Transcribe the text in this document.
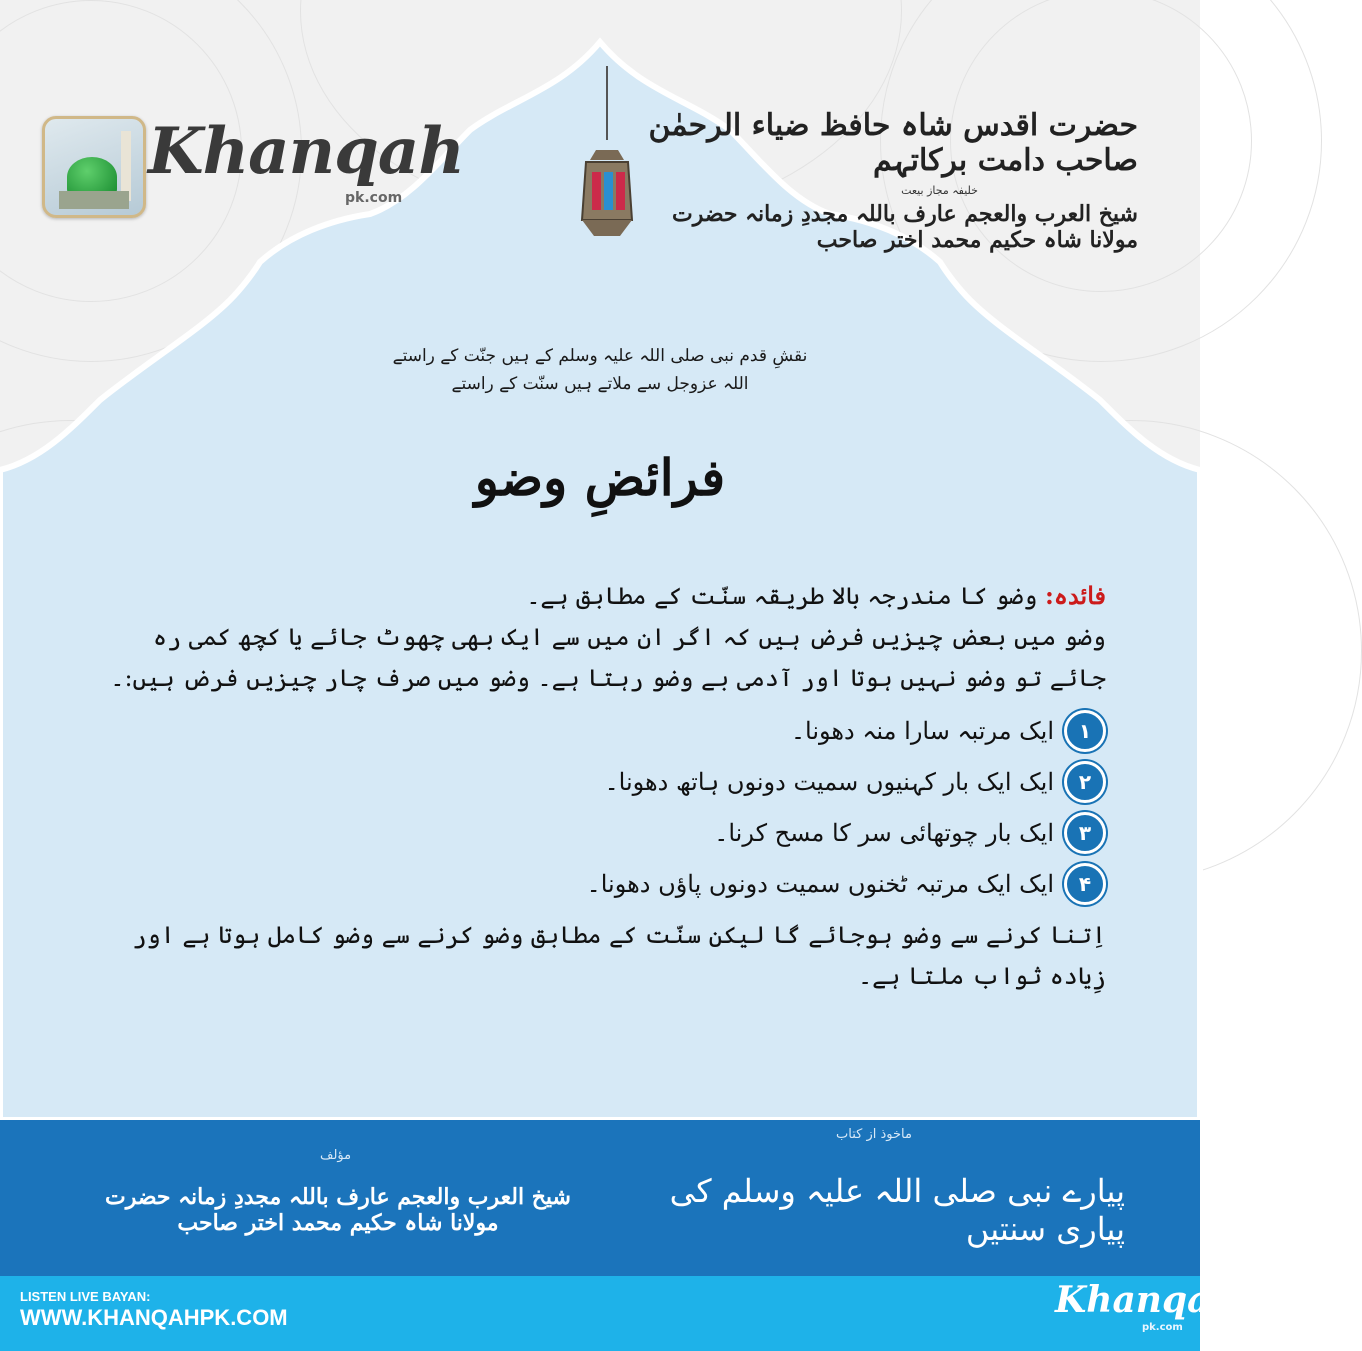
Khanqah
pk.com
حضرت اقدس شاہ حافظ ضیاء الرحمٰن صاحب دامت برکاتہم
خلیفہ مجاز بیعت
شیخ العرب والعجم عارف باللہ مجددِ زمانہ حضرت مولانا شاہ حکیم محمد اختر صاحب
نقشِ قدم نبی صلی اللہ علیہ وسلم کے ہیں جنّت کے راستے
اللہ عزوجل سے ملاتے ہیں سنّت کے راستے
فرائضِ وضو

فائدہ: وضو کا مندرجہ بالا طریقہ سنّت کے مطابق ہے۔

وضو میں بعض چیزیں فرض ہیں کہ اگر ان میں سے ایک بھی چھوٹ جائے یا کچھ کمی رہ جائے تو وضو نہیں ہوتا اور آدمی بے وضو رہتا ہے۔ وضو میں صرف چار چیزیں فرض ہیں:۔

۱
ایک مرتبہ سارا منہ دھونا۔
۲
ایک ایک بار کہنیوں سمیت دونوں ہاتھ دھونا۔
۳
ایک بار چوتھائی سر کا مسح کرنا۔
۴
ایک ایک مرتبہ ٹخنوں سمیت دونوں پاؤں دھونا۔

اِتنا کرنے سے وضو ہوجائے گا لیکن سنّت کے مطابق وضو کرنے سے وضو کامل ہوتا ہے اور زِیادہ ثواب ملتا ہے۔

ماخوذ از کتاب
پیارے نبی صلی اللہ علیہ وسلم کی پیاری سنتیں
مؤلف
شیخ العرب والعجم عارف باللہ مجددِ زمانہ حضرت مولانا شاہ حکیم محمد اختر صاحب
LISTEN LIVE BAYAN:
WWW.KHANQAHPK.COM	Khanqah
pk.com
